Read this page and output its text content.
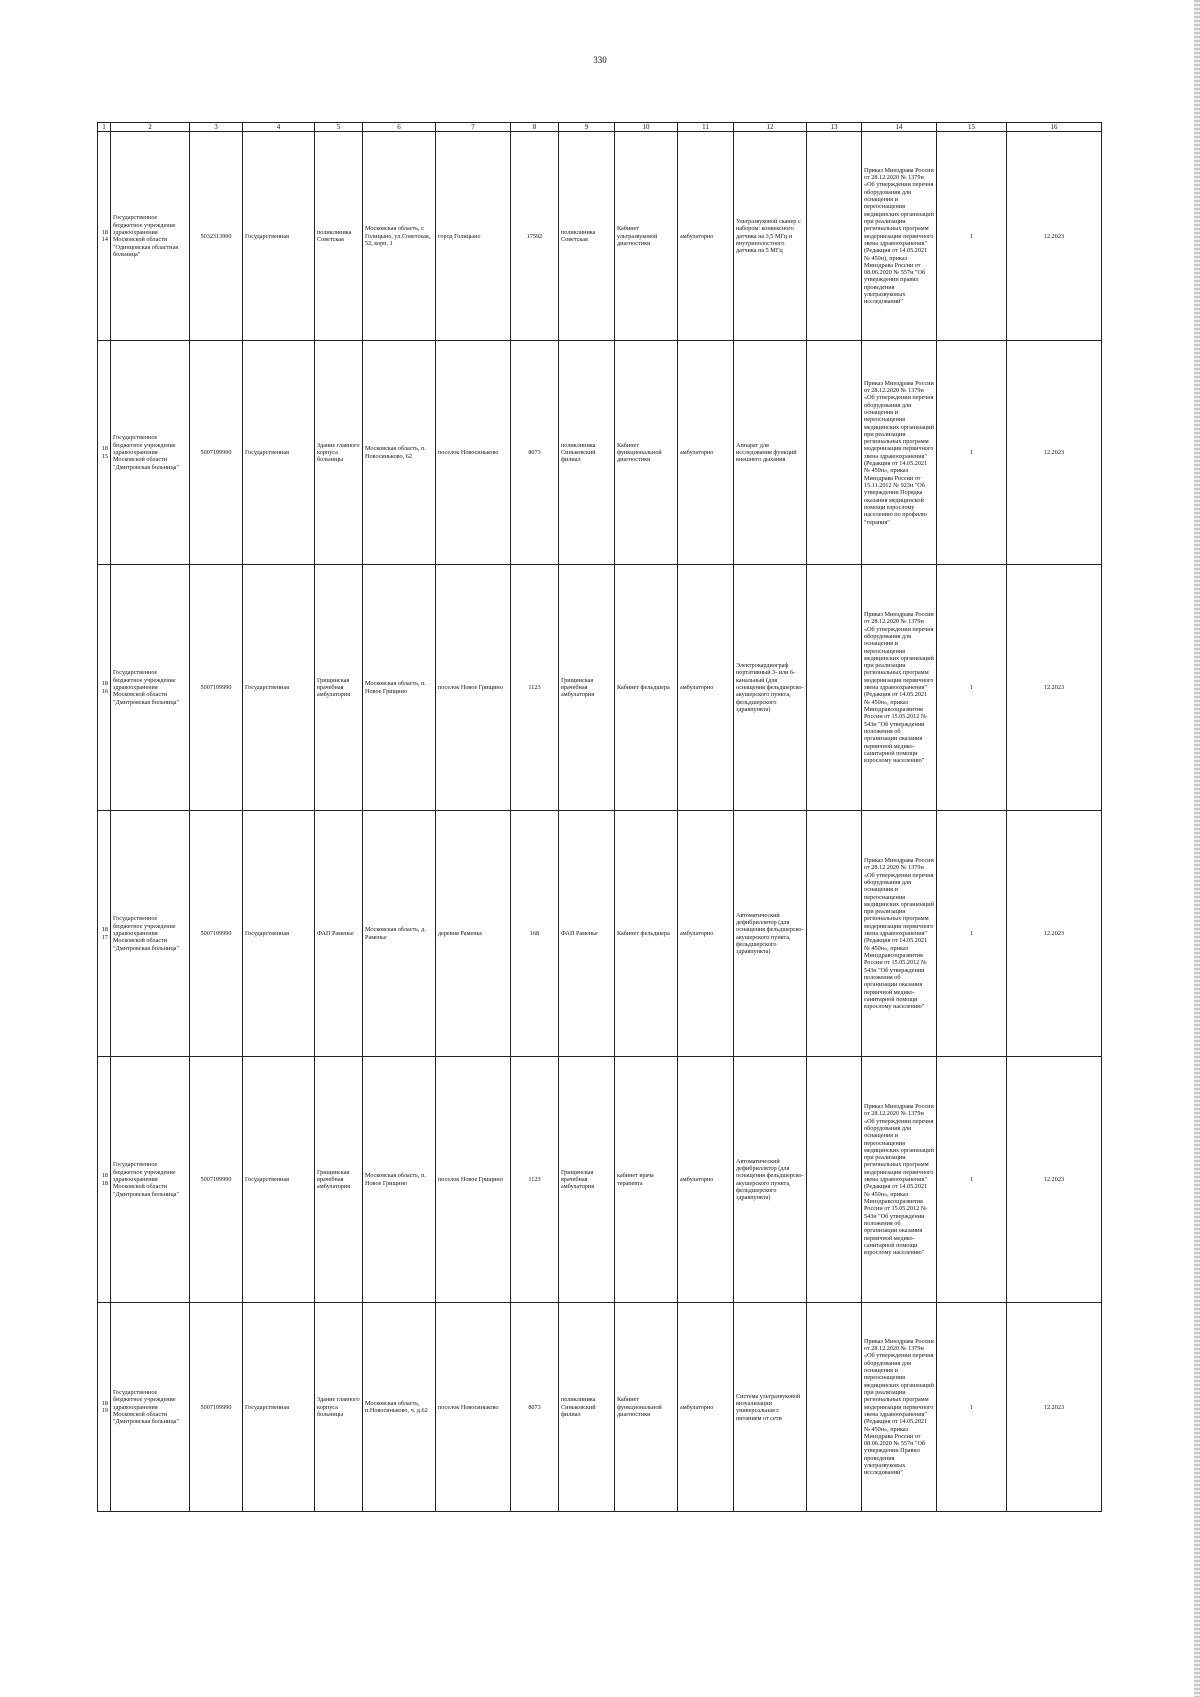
330
1	2	3	4	5	6	7	8	9	10	11	12	13	14	15	16
1814	Государственное бюджетное учреждение здравоохранения Московской области "Одинцовская областная больница"	5032313990	Государственная	поликлиника Советская	Московская область, г. Голицыно, ул.Советская, 52, корп. 1	город Голицыно	17592	поликлиника Советская	Кабинет ультразвуковой диагностики	амбулаторно	Ультразвуковой сканер с набором: конвексного датчика на 3,5 МГц и внутриполостного датчика на 5 МГц		Приказ Минздрава России от 28.12.2020 № 1379н «Об утверждении перечня оборудования для оснащения и переоснащения медицинских организаций при реализации региональных программ модернизации первичного звена здравоохранения"(Редакция от 14.05.2021 № 450н), приказ Минздрава России от 08.06.2020 № 557н "Об утверждении правил проведения ультразвуковых исследований"	1	12.2023
1815	Государственное бюджетное учреждение здравоохранения Московской области "Дмитровская больница"	5007109990	Государственная	Здание главного корпуса больницы	Московская область, п. Новосиньково, 62	поселок Новосиньково	8073	поликлиника Синьковский филиал	Кабинет функциональной диагностики	амбулаторно	Аппарат для исследования функций внешнего дыхания		Приказ Минздрава России от 28.12.2020 № 1379н «Об утверждении перечня оборудования для оснащения и переоснащения медицинских организаций при реализации региональных программ модернизации первичного звена здравоохранения"(Редакция от 14.05.2021 № 450н», приказ Минздрава России от 15.11.2012 № 923н "Об утверждении Порядка оказания медицинской помощи взрослому населению по профилю "терапия"	1	12.2023
1816	Государственное бюджетное учреждение здравоохранения Московской области "Дмитровская больница"	5007109990	Государственная	Грищинская врачебная амбулатория	Московская область, п. Новое Грищино	поселок Новое Грищино	1123	Грищинская врачебная амбулатория	Кабинет фельдшера	амбулаторно	Электрокардиограф портативный 3- или 6-канальный (для оснащения фельдшерско-акушерского пункта, фельдшерского здравпункта)		Приказ Минздрава России от 28.12.2020 № 1379н «Об утверждении перечня оборудования для оснащения и переоснащения медицинских организаций при реализации региональных программ модернизации первичного звена здравоохранения"(Редакция от 14.05.2021 № 450н», приказ Минздравсоцразвития России от 15.05.2012 № 543н "Об утверждении положения об организации оказания первичной медико-санитарной помощи взрослому населению"	1	12.2023
1817	Государственное бюджетное учреждение здравоохранения Московской области "Дмитровская больница"	5007109990	Государственная	ФАП Раменье	Московская область, д. Раменье	деревня Раменье	168	ФАП Раменье	Кабинет фельдшера	амбулаторно	Автоматический дефибриллятор (для оснащения фельдшерско-акушерского пункта, фельдшерского здравпункта)		Приказ Минздрава России от 28.12.2020 № 1379н «Об утверждении перечня оборудования для оснащения и переоснащения медицинских организаций при реализации региональных программ модернизации первичного звена здравоохранения"(Редакция от 14.05.2021 № 450н», приказ Минздравсоцразвития России от 15.05.2012 № 543н "Об утверждении положения об организации оказания первичной медико-санитарной помощи взрослому населению"	1	12.2023
1818	Государственное бюджетное учреждение здравоохранения Московской области "Дмитровская больница"	5007109990	Государственная	Грищинская врачебная амбулатория	Московская область, п. Новое Грищино	поселок Новое Грищино	1123	Грищинская врачебная амбулатория	кабинет врача терапевта	амбулаторно	Автоматический дефибриллятор (для оснащения фельдшерско-акушерского пункта, фельдшерского здравпункта)		Приказ Минздрава России от 28.12.2020 № 1379н «Об утверждении перечня оборудования для оснащения и переоснащения медицинских организаций при реализации региональных программ модернизации первичного звена здравоохранения"(Редакция от 14.05.2021 № 450н», приказ Минздравсоцразвития России от 15.05.2012 № 543н "Об утверждении положения об организации оказания первичной медико-санитарной помощи взрослому населению"	1	12.2023
1819	Государственное бюджетное учреждение здравоохранения Московской области "Дмитровская больница"	5007109990	Государственная	Здание главного корпуса больницы	Московская область, п.Новосиньково, ч. д.62	поселок Новосиньково	8073	поликлиника Синьковский филиал	Кабинет функциональной диагностики	амбулаторно	Система ультразвуковой визуализации универсальная с питанием от сети		Приказ Минздрава России от 28.12.2020 № 1379н «Об утверждении перечня оборудования для оснащения и переоснащения медицинских организаций при реализации региональных программ модернизации первичного звена здравоохранения"(Редакция от 14.05.2021 № 450н», приказ Минздрава России от 08.06.2020 № 557н "Об утверждении Правил проведения ультразвуковых исследований"	1	12.2023
